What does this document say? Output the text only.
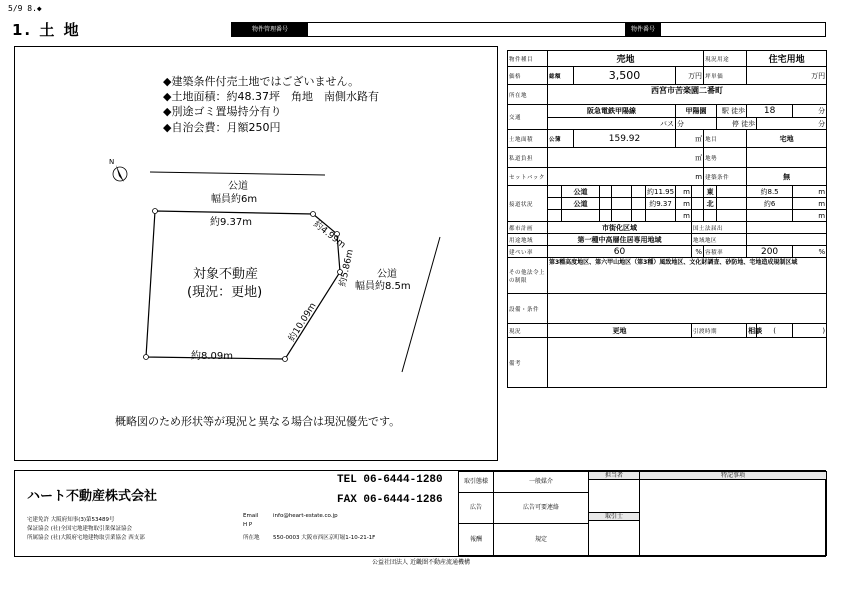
5/9 8.◆
1. 土 地	物件管理番号	物件番号
◆建築条件付売土地ではございません。
◆土地面積：約48.37坪　角地　南側水路有
◆別途ゴミ置場持分有り
◆自治会費：月額250円
N
公道
幅員約6m
約9.37m	約4.99m
約5.86m
約10.09m
約8.09m
対象不動産
(現況：更地)
公道
幅員約8.5m
概略図のため形状等が現況と異なる場合は現況優先です。
物件種目	売地									現況用途		住宅用地		
価格	総額		3,500					万円		坪単価		万円		
所在地	西宮市苦楽園二番町													
交通	阪急電鉄甲陽線							甲陽園			駅 徒歩	18		分
	バス							分			停 徒歩		分	
土地面積	公簿		159.92					㎡		地目		宅地		
私道負担	㎡									地勢				
セットバック	m									建築条件		無		
接道状況		公道					約11.95	m		東		約8.5		m
		公道					約9.37	m		北		約6		m
								m						m
都市計画	市街化区域								国土法届出					
用途地域	第一種中高層住居専用地域								地域地区					
建ぺい率	60								%	容積率		200		%
その他法令上の制限	第3種高度地区、第六甲山地区（第3種）風致地区、文化財調査、砂防地、宅地造成規制区域													
設備・条件														
現況	更地								引渡時期			相談	(	)
備考														
ハート不動産株式会社
TEL 06-6444-1280
FAX 06-6444-1286
宅建免許 大阪府知事(3)第53489号
保証協会 (社)全国宅地建物取引業保証協会
所属協会 (社)大阪府宅地建物取引業協会 西支部
Email	info@heart-estate.co.jp
H P
所在地 550-0003 大阪市西区京町堀1-10-21-1F
取引態様	一般媒介
広告	広告可要連絡
報酬	規定
担当者
取引士
特記事項
公益社団法人 近畿圏不動産流通機構
